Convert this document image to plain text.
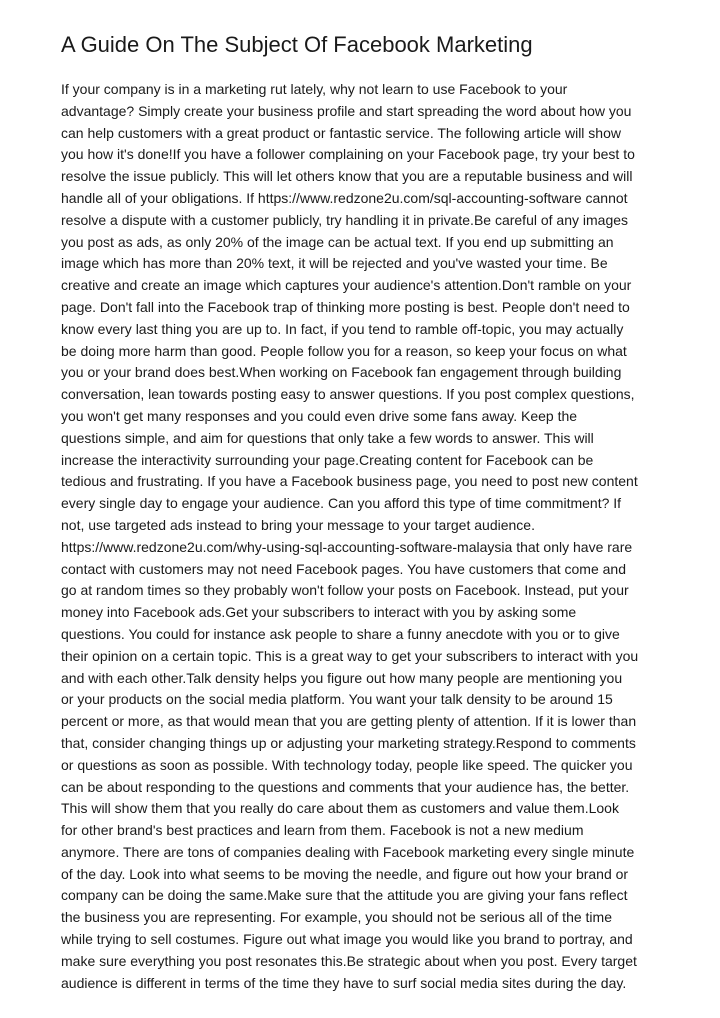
A Guide On The Subject Of Facebook Marketing
If your company is in a marketing rut lately, why not learn to use Facebook to your
advantage? Simply create your business profile and start spreading the word about how you
can help customers with a great product or fantastic service. The following article will show
you how it's done!If you have a follower complaining on your Facebook page, try your best to
resolve the issue publicly. This will let others know that you are a reputable business and will
handle all of your obligations. If https://www.redzone2u.com/sql-accounting-software cannot
resolve a dispute with a customer publicly, try handling it in private.Be careful of any images
you post as ads, as only 20% of the image can be actual text. If you end up submitting an
image which has more than 20% text, it will be rejected and you've wasted your time. Be
creative and create an image which captures your audience's attention.Don't ramble on your
page. Don't fall into the Facebook trap of thinking more posting is best. People don't need to
know every last thing you are up to. In fact, if you tend to ramble off-topic, you may actually
be doing more harm than good. People follow you for a reason, so keep your focus on what
you or your brand does best.When working on Facebook fan engagement through building
conversation, lean towards posting easy to answer questions. If you post complex questions,
you won't get many responses and you could even drive some fans away. Keep the
questions simple, and aim for questions that only take a few words to answer. This will
increase the interactivity surrounding your page.Creating content for Facebook can be
tedious and frustrating. If you have a Facebook business page, you need to post new content
every single day to engage your audience. Can you afford this type of time commitment? If
not, use targeted ads instead to bring your message to your target audience.
https://www.redzone2u.com/why-using-sql-accounting-software-malaysia that only have rare
contact with customers may not need Facebook pages. You have customers that come and
go at random times so they probably won't follow your posts on Facebook. Instead, put your
money into Facebook ads.Get your subscribers to interact with you by asking some
questions. You could for instance ask people to share a funny anecdote with you or to give
their opinion on a certain topic. This is a great way to get your subscribers to interact with you
and with each other.Talk density helps you figure out how many people are mentioning you
or your products on the social media platform. You want your talk density to be around 15
percent or more, as that would mean that you are getting plenty of attention. If it is lower than
that, consider changing things up or adjusting your marketing strategy.Respond to comments
or questions as soon as possible. With technology today, people like speed. The quicker you
can be about responding to the questions and comments that your audience has, the better.
This will show them that you really do care about them as customers and value them.Look
for other brand's best practices and learn from them. Facebook is not a new medium
anymore. There are tons of companies dealing with Facebook marketing every single minute
of the day. Look into what seems to be moving the needle, and figure out how your brand or
company can be doing the same.Make sure that the attitude you are giving your fans reflect
the business you are representing. For example, you should not be serious all of the time
while trying to sell costumes. Figure out what image you would like you brand to portray, and
make sure everything you post resonates this.Be strategic about when you post. Every target
audience is different in terms of the time they have to surf social media sites during the day.
